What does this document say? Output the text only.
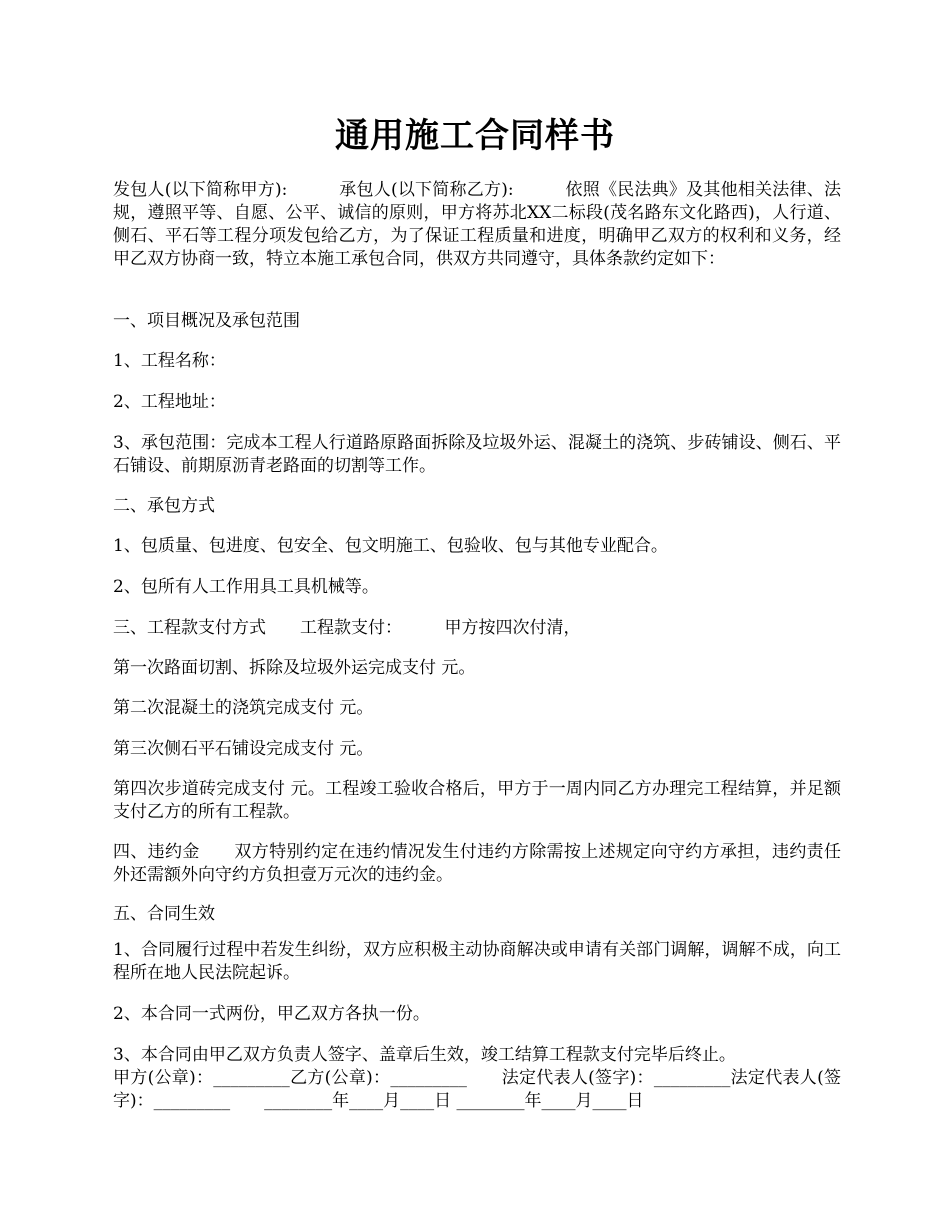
通用施工合同样书

发包人(以下简称甲方):　　　承包人(以下简称乙方):　　　依照《民法典》及其他相关法律、法规，遵照平等、自愿、公平、诚信的原则，甲方将苏北XX二标段(茂名路东文化路西)，人行道、侧石、平石等工程分项发包给乙方，为了保证工程质量和进度，明确甲乙双方的权利和义务，经甲乙双方协商一致，特立本施工承包合同，供双方共同遵守，具体条款约定如下：

一、项目概况及承包范围

1、工程名称：

2、工程地址：

3、承包范围：完成本工程人行道路原路面拆除及垃圾外运、混凝土的浇筑、步砖铺设、侧石、平石铺设、前期原沥青老路面的切割等工作。

二、承包方式

1、包质量、包进度、包安全、包文明施工、包验收、包与其他专业配合。

2、包所有人工作用具工具机械等。

三、工程款支付方式　　工程款支付：　　　甲方按四次付清，

第一次路面切割、拆除及垃圾外运完成支付 元。

第二次混凝土的浇筑完成支付 元。

第三次侧石平石铺设完成支付 元。

第四次步道砖完成支付 元。工程竣工验收合格后，甲方于一周内同乙方办理完工程结算，并足额支付乙方的所有工程款。

四、违约金　　双方特别约定在违约情况发生付违约方除需按上述规定向守约方承担，违约责任外还需额外向守约方负担壹万元次的违约金。

五、合同生效

1、合同履行过程中若发生纠纷，双方应积极主动协商解决或申请有关部门调解，调解不成，向工程所在地人民法院起诉。

2、本合同一式两份，甲乙双方各执一份。

3、本合同由甲乙双方负责人签字、盖章后生效，竣工结算工程款支付完毕后终止。

甲方(公章)：_________乙方(公章)：_________　　法定代表人(签字)：_________法定代表人(签字)：_________　　________年____月____日 ________年____月____日
